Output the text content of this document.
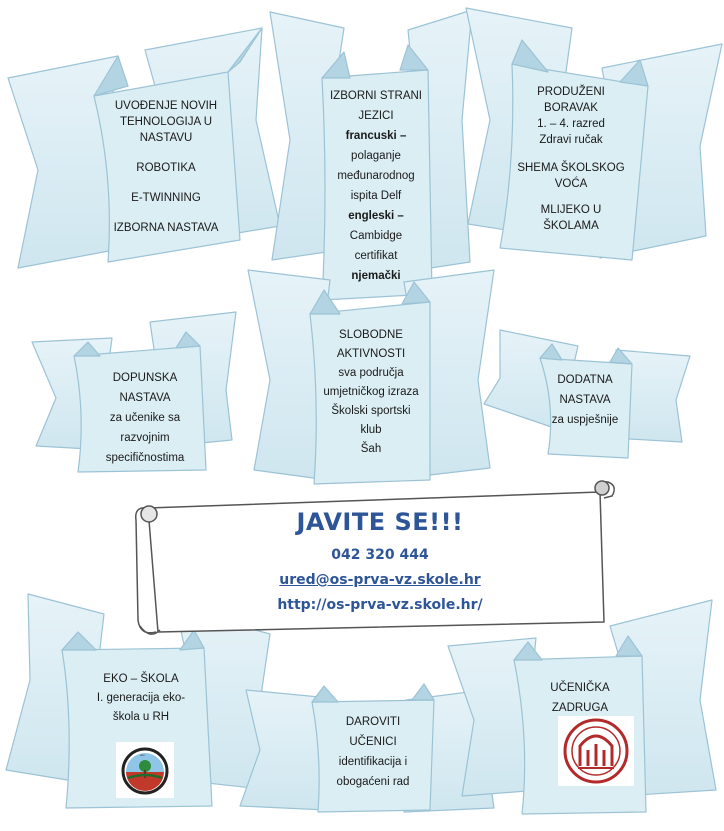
UVOĐENJE NOVIH
TEHNOLOGIJA U
NASTAVU
ROBOTIKA
E-TWINNING
IZBORNA NASTAVA
IZBORNI STRANI
JEZICI
francuski –
polaganje
međunarodnog
ispita Delf
engleski –
Cambidge
certifikat
njemački
PRODUŽENI
BORAVAK
1. – 4. razred
Zdravi ručak
SHEMA ŠKOLSKOG
VOĆA
MLIJEKO U
ŠKOLAMA
DOPUNSKA
NASTAVA
za učenike sa
razvojnim
specifičnostima
SLOBODNE
AKTIVNOSTI
sva područja
umjetničkog izraza
Školski sportski
klub
Šah
DODATNA
NASTAVA
za uspješnije
EKO – ŠKOLA
I. generacija eko-
škola u RH	DAROVITI
UČENICI
identifikacija i
obogaćeni rad
UČENIČKA
ZADRUGA
eko
JAVITE SE!!!
042 320 444
ured@os-prva-vz.skole.hr
http://os-prva-vz.skole.hr/
